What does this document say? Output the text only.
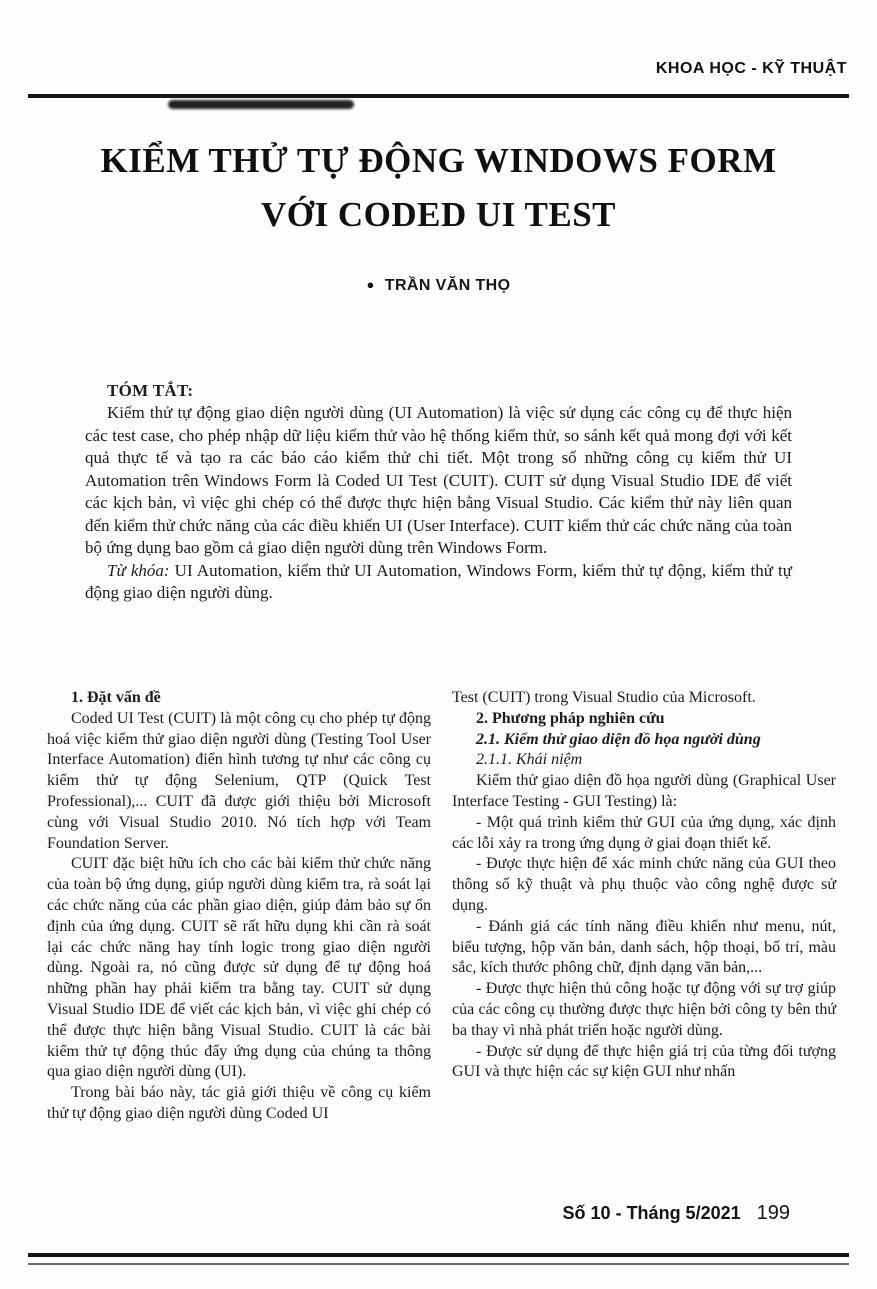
KHOA HỌC - KỸ THUẬT
KIỂM THỬ TỰ ĐỘNG WINDOWS FORM
VỚI CODED UI TEST
● TRẦN VĂN THỌ

TÓM TẮT:

Kiểm thử tự động giao diện người dùng (UI Automation) là việc sử dụng các công cụ để thực hiện các test case, cho phép nhập dữ liệu kiểm thử vào hệ thống kiểm thử, so sánh kết quả mong đợi với kết quả thực tế và tạo ra các báo cáo kiểm thử chi tiết. Một trong số những công cụ kiểm thử UI Automation trên Windows Form là Coded UI Test (CUIT). CUIT sử dụng Visual Studio IDE để viết các kịch bản, vì việc ghi chép có thể được thực hiện bằng Visual Studio. Các kiểm thử này liên quan đến kiểm thử chức năng của các điều khiển UI (User Interface). CUIT kiểm thử các chức năng của toàn bộ ứng dụng bao gồm cả giao diện người dùng trên Windows Form.

Từ khóa: UI Automation, kiểm thử UI Automation, Windows Form, kiểm thử tự động, kiểm thử tự động giao diện người dùng.

1. Đặt vấn đề

Coded UI Test (CUIT) là một công cụ cho phép tự động hoá việc kiểm thử giao diện người dùng (Testing Tool User Interface Automation) điển hình tương tự như các công cụ kiểm thử tự động Selenium, QTP (Quick Test Professional),... CUIT đã được giới thiệu bởi Microsoft cùng với Visual Studio 2010. Nó tích hợp với Team Foundation Server.

CUIT đặc biệt hữu ích cho các bài kiểm thử chức năng của toàn bộ ứng dụng, giúp người dùng kiểm tra, rà soát lại các chức năng của các phần giao diện, giúp đảm bảo sự ổn định của ứng dụng. CUIT sẽ rất hữu dụng khi cần rà soát lại các chức năng hay tính logic trong giao diện người dùng. Ngoài ra, nó cũng được sử dụng để tự động hoá những phần hay phải kiểm tra bằng tay. CUIT sử dụng Visual Studio IDE để viết các kịch bản, vì việc ghi chép có thể được thực hiện bằng Visual Studio. CUIT là các bài kiểm thử tự động thúc đẩy ứng dụng của chúng ta thông qua giao diện người dùng (UI).

Trong bài báo này, tác giả giới thiệu về công cụ kiểm thử tự động giao diện người dùng Coded UI

Test (CUIT) trong Visual Studio của Microsoft.

2. Phương pháp nghiên cứu

2.1. Kiểm thử giao diện đồ họa người dùng

2.1.1. Khái niệm

Kiểm thử giao diện đồ họa người dùng (Graphical User Interface Testing - GUI Testing) là:

- Một quá trình kiểm thử GUI của ứng dụng, xác định các lỗi xảy ra trong ứng dụng ở giai đoạn thiết kế.

- Được thực hiện để xác minh chức năng của GUI theo thông số kỹ thuật và phụ thuộc vào công nghệ được sử dụng.

- Đánh giá các tính năng điều khiển như menu, nút, biểu tượng, hộp văn bản, danh sách, hộp thoại, bố trí, màu sắc, kích thước phông chữ, định dạng văn bản,...

- Được thực hiện thủ công hoặc tự động với sự trợ giúp của các công cụ thường được thực hiện bởi công ty bên thứ ba thay vì nhà phát triển hoặc người dùng.

- Được sử dụng để thực hiện giá trị của từng đối tượng GUI và thực hiện các sự kiện GUI như nhấn

Số 10 - Tháng 5/2021 199
